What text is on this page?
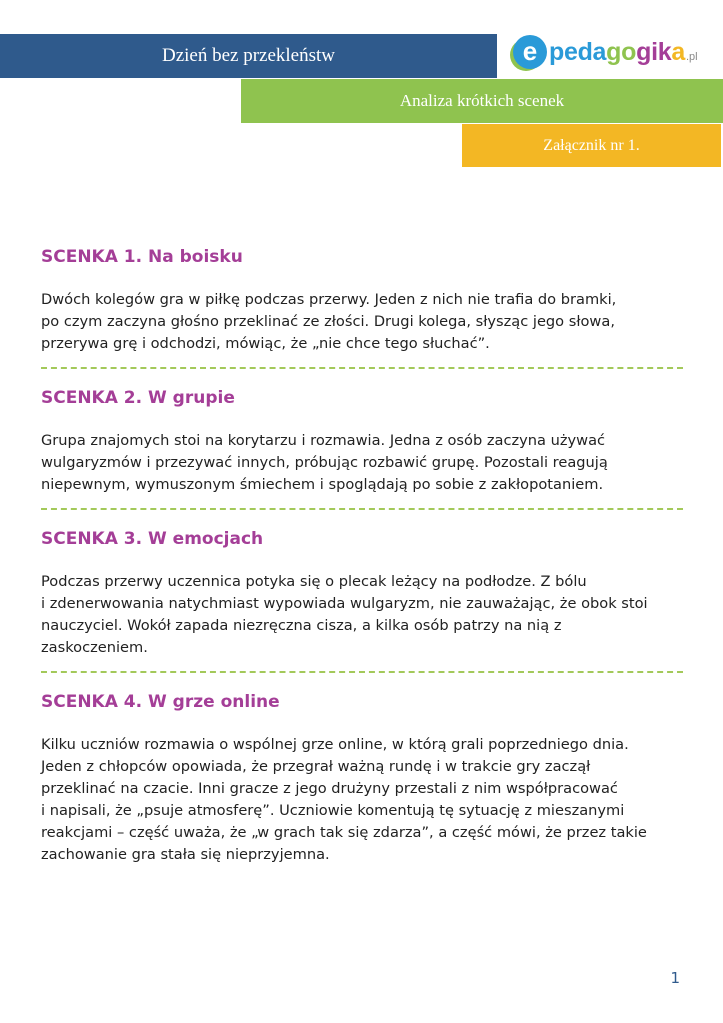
Dzień bez przekleństw
Analiza krótkich scenek
Załącznik nr 1.
e pedagogika .pl
SCENKA 1. Na boisku

Dwóch kolegów gra w piłkę podczas przerwy. Jeden z nich nie trafia do bramki,
po czym zaczyna głośno przeklinać ze złości. Drugi kolega, słysząc jego słowa,
przerywa grę i odchodzi, mówiąc, że „nie chce tego słuchać”.

SCENKA 2. W grupie

Grupa znajomych stoi na korytarzu i rozmawia. Jedna z osób zaczyna używać
wulgaryzmów i przezywać innych, próbując rozbawić grupę. Pozostali reagują
niepewnym, wymuszonym śmiechem i spoglądają po sobie z zakłopotaniem.

SCENKA 3. W emocjach

Podczas przerwy uczennica potyka się o plecak leżący na podłodze. Z bólu
i zdenerwowania natychmiast wypowiada wulgaryzm, nie zauważając, że obok stoi
nauczyciel. Wokół zapada niezręczna cisza, a kilka osób patrzy na nią z
zaskoczeniem.

SCENKA 4. W grze online

Kilku uczniów rozmawia o wspólnej grze online, w którą grali poprzedniego dnia.
Jeden z chłopców opowiada, że przegrał ważną rundę i w trakcie gry zaczął
przeklinać na czacie. Inni gracze z jego drużyny przestali z nim współpracować
i napisali, że „psuje atmosferę”. Uczniowie komentują tę sytuację z mieszanymi
reakcjami – część uważa, że „w grach tak się zdarza”, a część mówi, że przez takie
zachowanie gra stała się nieprzyjemna.

1
